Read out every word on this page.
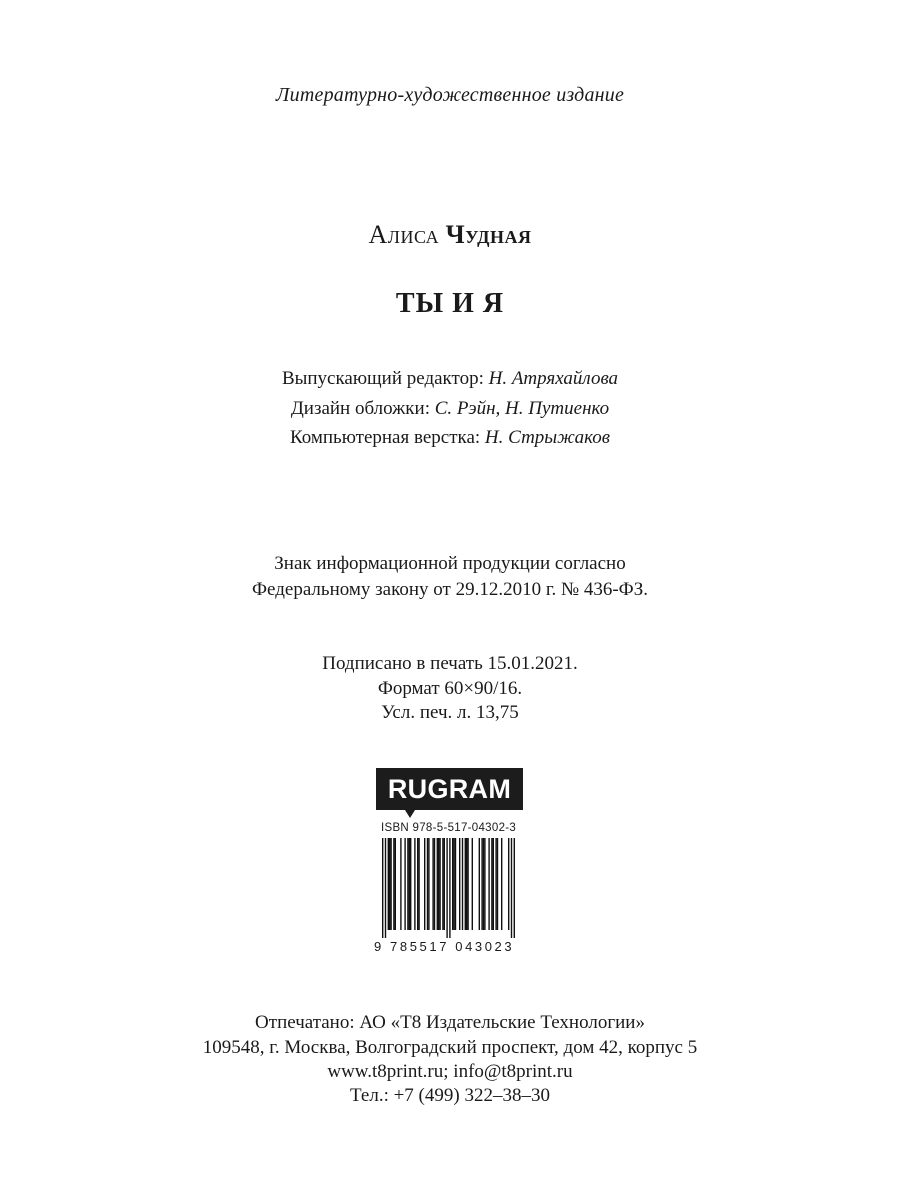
Литературно-художественное издание
Алиса Чудная
ТЫ И Я
Выпускающий редактор: Н. Атряхайлова
Дизайн обложки: С. Рэйн, Н. Путиенко
Компьютерная верстка: Н. Стрыжаков
Знак информационной продукции согласно
Федеральному закону от 29.12.2010 г. № 436-ФЗ.
Подписано в печать 15.01.2021.
Формат 60×90/16.
Усл. печ. л. 13,75
RUGRAM
ISBN 978-5-517-04302-3
9 785517 043023
Отпечатано: АО «Т8 Издательские Технологии»
109548, г. Москва, Волгоградский проспект, дом 42, корпус 5
www.t8print.ru; info@t8print.ru
Тел.: +7 (499) 322–38–30
